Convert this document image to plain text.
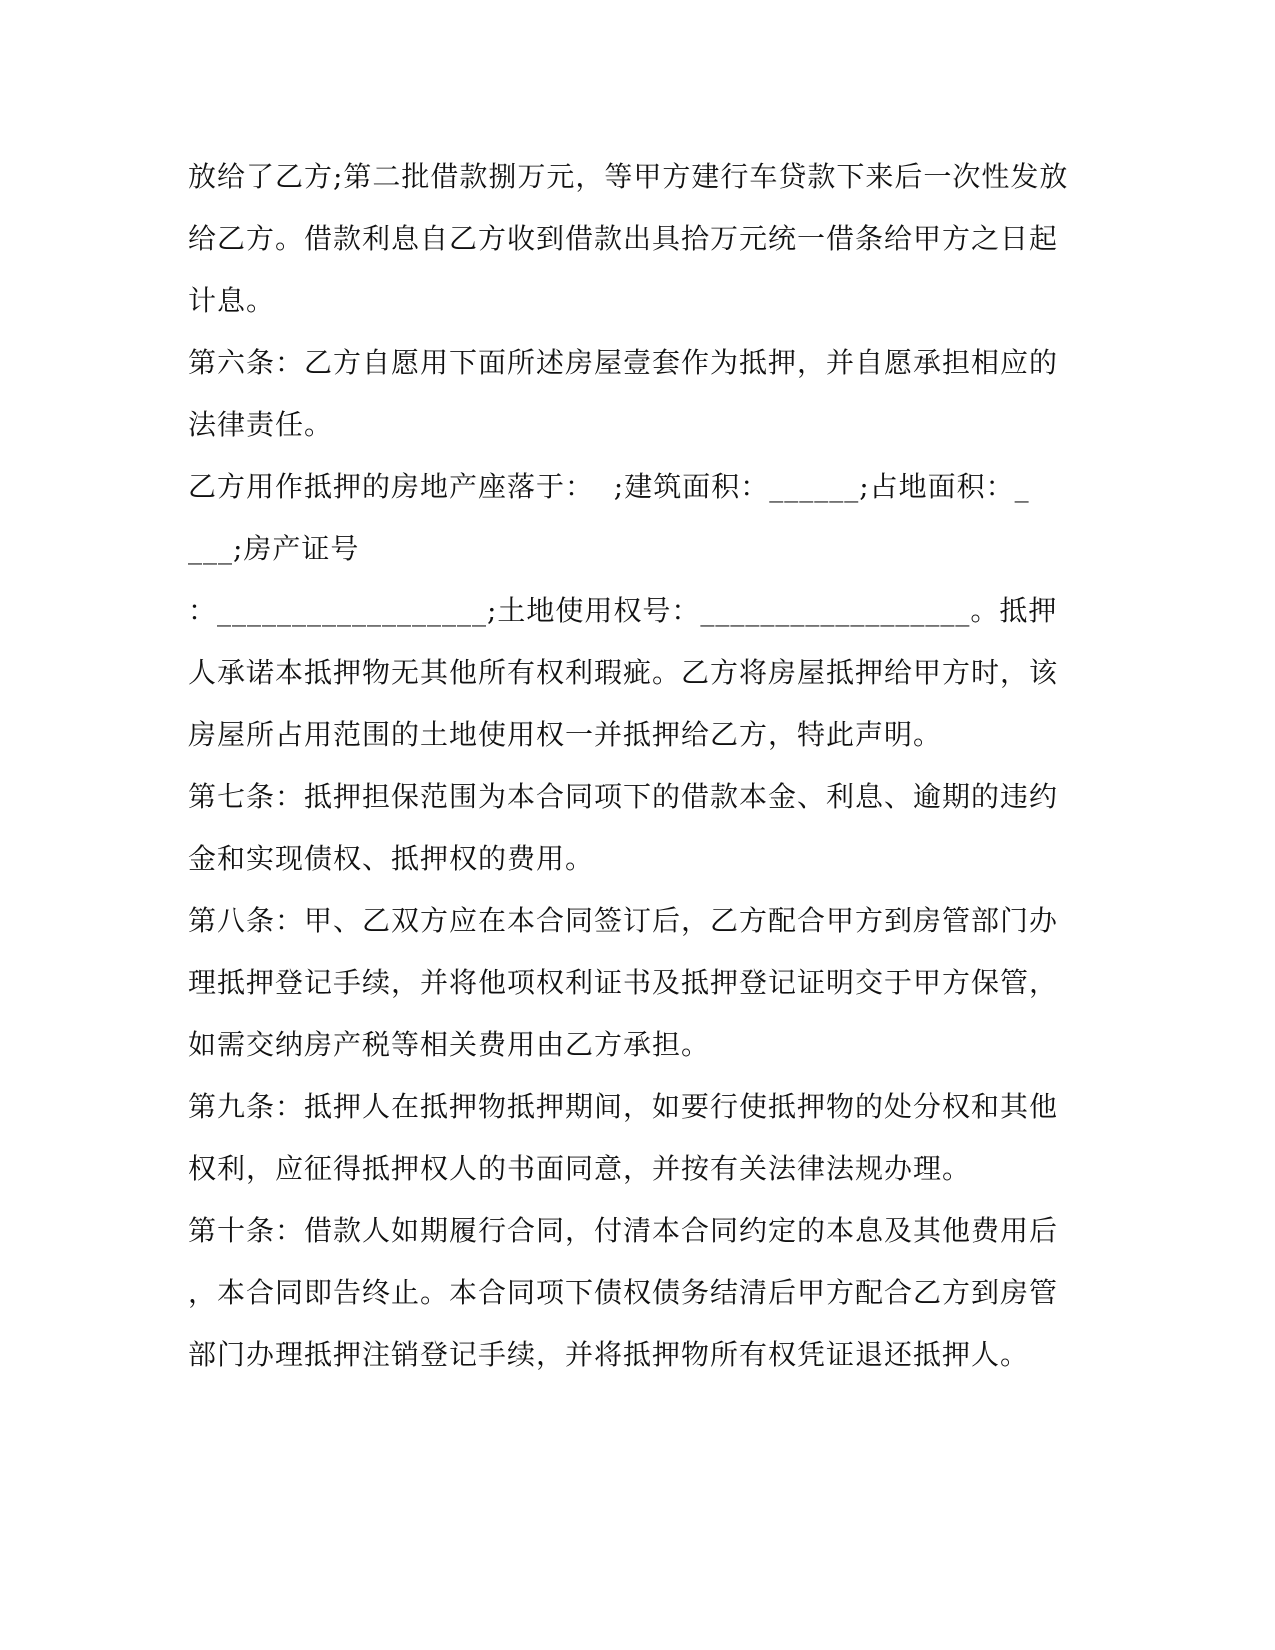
放给了乙方;第二批借款捌万元，等甲方建行车贷款下来后一次性发放
给乙方。借款利息自乙方收到借款出具拾万元统一借条给甲方之日起
计息。
第六条：乙方自愿用下面所述房屋壹套作为抵押，并自愿承担相应的
法律责任。
乙方用作抵押的房地产座落于：  ;建筑面积：______;占地面积：_
___;房产证号
：__________________;土地使用权号：__________________。抵押
人承诺本抵押物无其他所有权利瑕疵。乙方将房屋抵押给甲方时，该
房屋所占用范围的土地使用权一并抵押给乙方，特此声明。
第七条：抵押担保范围为本合同项下的借款本金、利息、逾期的违约
金和实现债权、抵押权的费用。
第八条：甲、乙双方应在本合同签订后，乙方配合甲方到房管部门办
理抵押登记手续，并将他项权利证书及抵押登记证明交于甲方保管，
如需交纳房产税等相关费用由乙方承担。
第九条：抵押人在抵押物抵押期间，如要行使抵押物的处分权和其他
权利，应征得抵押权人的书面同意，并按有关法律法规办理。
第十条：借款人如期履行合同，付清本合同约定的本息及其他费用后
，本合同即告终止。本合同项下债权债务结清后甲方配合乙方到房管
部门办理抵押注销登记手续，并将抵押物所有权凭证退还抵押人。
